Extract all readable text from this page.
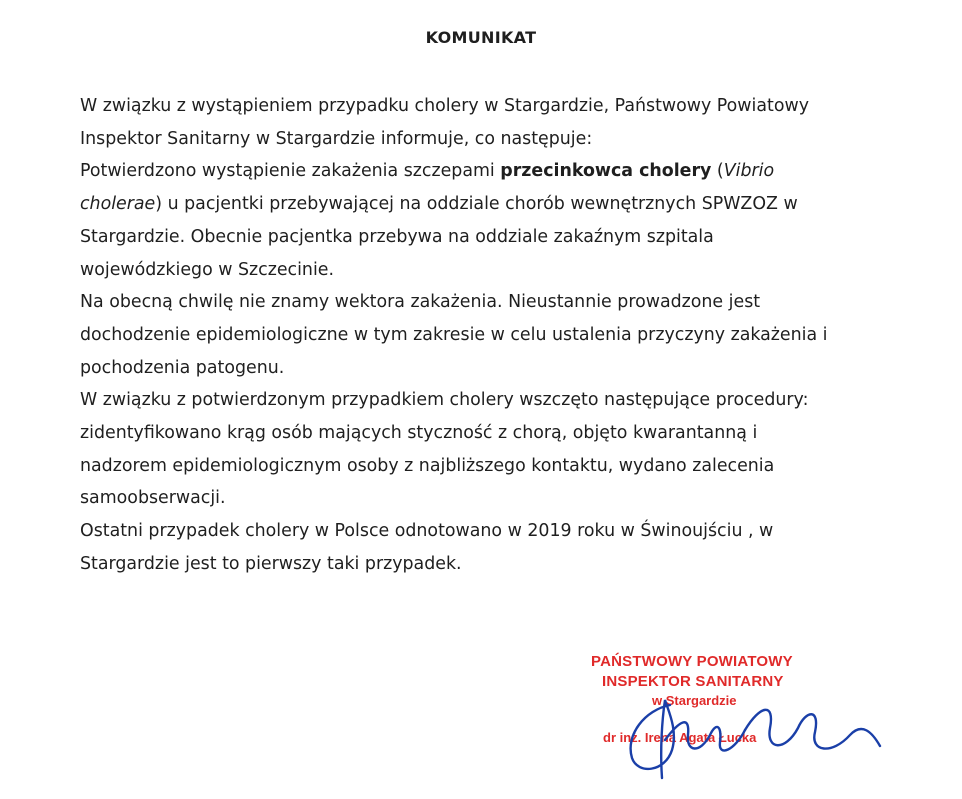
KOMUNIKAT
W związku z wystąpieniem przypadku cholery w Stargardzie, Państwowy Powiatowy
Inspektor Sanitarny w Stargardzie informuje, co następuje:
Potwierdzono wystąpienie zakażenia szczepami przecinkowca cholery (Vibrio
cholerae) u pacjentki przebywającej na oddziale chorób wewnętrznych SPWZOZ w
Stargardzie. Obecnie pacjentka przebywa na oddziale zakaźnym szpitala
wojewódzkiego w Szczecinie.
Na obecną chwilę nie znamy wektora zakażenia. Nieustannie prowadzone jest
dochodzenie epidemiologiczne w tym zakresie w celu ustalenia przyczyny zakażenia i
pochodzenia patogenu.
W związku z potwierdzonym przypadkiem cholery wszczęto następujące procedury:
zidentyfikowano krąg osób mających styczność z chorą, objęto kwarantanną i
nadzorem epidemiologicznym osoby z najbliższego kontaktu, wydano zalecenia
samoobserwacji.
Ostatni przypadek cholery w Polsce odnotowano w 2019 roku w Świnoujściu , w
Stargardzie jest to pierwszy taki przypadek.
PAŃSTWOWY POWIATOWY
INSPEKTOR SANITARNY
w Stargardzie
dr inż. Irena Agata Łucka
